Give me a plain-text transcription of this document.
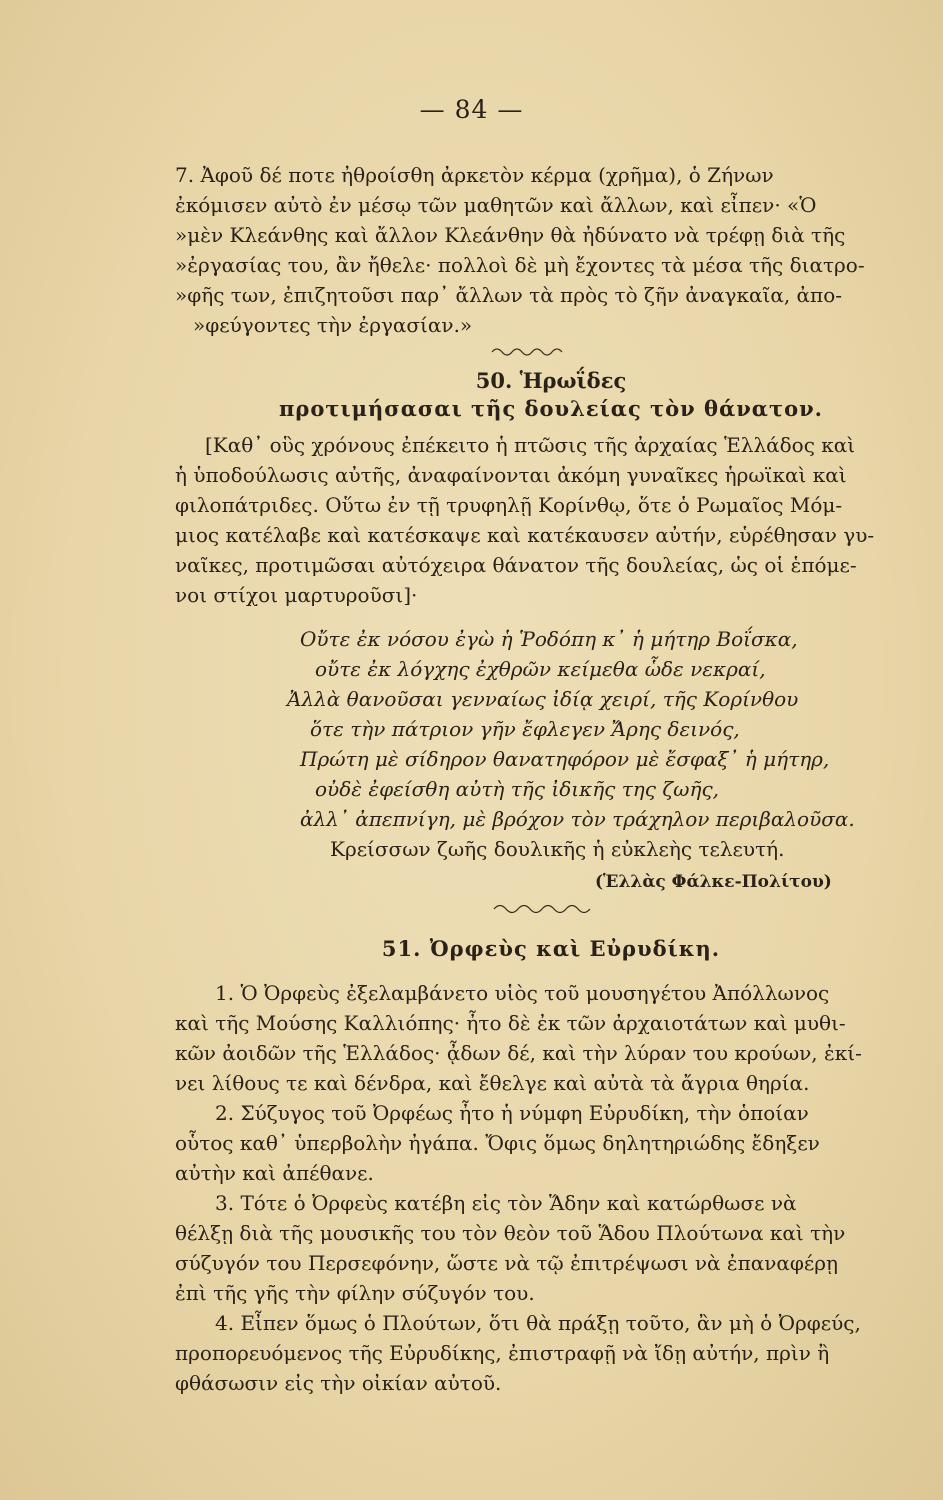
— 84 —
7. Ἀφοῦ δέ ποτε ἠθροίσθη ἀρκετὸν κέρμα (χρῆμα), ὁ Ζήνων
ἐκόμισεν αὐτὸ ἐν μέσῳ τῶν μαθητῶν καὶ ἄλλων, καὶ εἶπεν· «Ὁ
»μὲν Κλεάνθης καὶ ἄλλον Κλεάνθην θὰ ἠδύνατο νὰ τρέφῃ διὰ τῆς
»ἐργασίας του, ἂν ἤθελε· πολλοὶ δὲ μὴ ἔχοντες τὰ μέσα τῆς διατρο-
»φῆς των, ἐπιζητοῦσι παρ᾽ ἄλλων τὰ πρὸς τὸ ζῆν ἀναγκαῖα, ἀπο-
»φεύγοντες τὴν ἐργασίαν.»
50. Ἡρωΐδες
προτιμήσασαι τῆς δουλείας τὸν θάνατον.
[Καθ᾽ οὓς χρόνους ἐπέκειτο ἡ πτῶσις τῆς ἀρχαίας Ἑλλάδος καὶ
ἡ ὑποδούλωσις αὐτῆς, ἀναφαίνονται ἀκόμη γυναῖκες ἡρωϊκαὶ καὶ
φιλοπάτριδες. Οὕτω ἐν τῇ τρυφηλῇ Κορίνθῳ, ὅτε ὁ Ρωμαῖος Μόμ-
μιος κατέλαβε καὶ κατέσκαψε καὶ κατέκαυσεν αὐτήν, εὑρέθησαν γυ-
ναῖκες, προτιμῶσαι αὐτόχειρα θάνατον τῆς δουλείας, ὡς οἱ ἑπόμε-
νοι στίχοι μαρτυροῦσι]·
Οὔτε ἐκ νόσου ἐγὼ ἡ Ῥοδόπη κ᾽ ἡ μήτηρ Βοΐσκα,
οὔτε ἐκ λόγχης ἐχθρῶν κείμεθα ὧδε νεκραί,
Ἀλλὰ θανοῦσαι γενναίως ἰδίᾳ χειρί, τῆς Κορίνθου
ὅτε τὴν πάτριον γῆν ἔφλεγεν Ἄρης δεινός,
Πρώτη μὲ σίδηρον θανατηφόρον μὲ ἔσφαξ᾽ ἡ μήτηρ,
οὐδὲ ἐφείσθη αὐτὴ τῆς ἰδικῆς της ζωῆς,
ἀλλ᾽ ἀπεπνίγη, μὲ βρόχον τὸν τράχηλον περιβαλοῦσα.
Κρείσσων ζωῆς δουλικῆς ἡ εὐκλεὴς τελευτή.
(Ἑλλὰς Φάλκε-Πολίτου)
51. Ὀρφεὺς καὶ Εὐρυδίκη.
1. Ὁ Ὀρφεὺς ἐξελαμβάνετο υἱὸς τοῦ μουσηγέτου Ἀπόλλωνος
καὶ τῆς Μούσης Καλλιόπης· ἦτο δὲ ἐκ τῶν ἀρχαιοτάτων καὶ μυθι-
κῶν ἀοιδῶν τῆς Ἑλλάδος· ᾆδων δέ, καὶ τὴν λύραν του κρούων, ἐκί-
νει λίθους τε καὶ δένδρα, καὶ ἔθελγε καὶ αὐτὰ τὰ ἄγρια θηρία.
2. Σύζυγος τοῦ Ὀρφέως ἦτο ἡ νύμφη Εὐρυδίκη, τὴν ὁποίαν
οὗτος καθ᾽ ὑπερβολὴν ἠγάπα. Ὄφις ὅμως δηλητηριώδης ἔδηξεν
αὐτὴν καὶ ἀπέθανε.
3. Τότε ὁ Ὀρφεὺς κατέβη εἰς τὸν Ἅδην καὶ κατώρθωσε νὰ
θέλξῃ διὰ τῆς μουσικῆς του τὸν θεὸν τοῦ Ἅδου Πλούτωνα καὶ τὴν
σύζυγόν του Περσεφόνην, ὥστε νὰ τῷ ἐπιτρέψωσι νὰ ἐπαναφέρῃ
ἐπὶ τῆς γῆς τὴν φίλην σύζυγόν του.
4. Εἶπεν ὅμως ὁ Πλούτων, ὅτι θὰ πράξῃ τοῦτο, ἂν μὴ ὁ Ὀρφεύς,
προπορευόμενος τῆς Εὐρυδίκης, ἐπιστραφῇ νὰ ἴδῃ αὐτήν, πρὶν ἢ
φθάσωσιν εἰς τὴν οἰκίαν αὐτοῦ.
